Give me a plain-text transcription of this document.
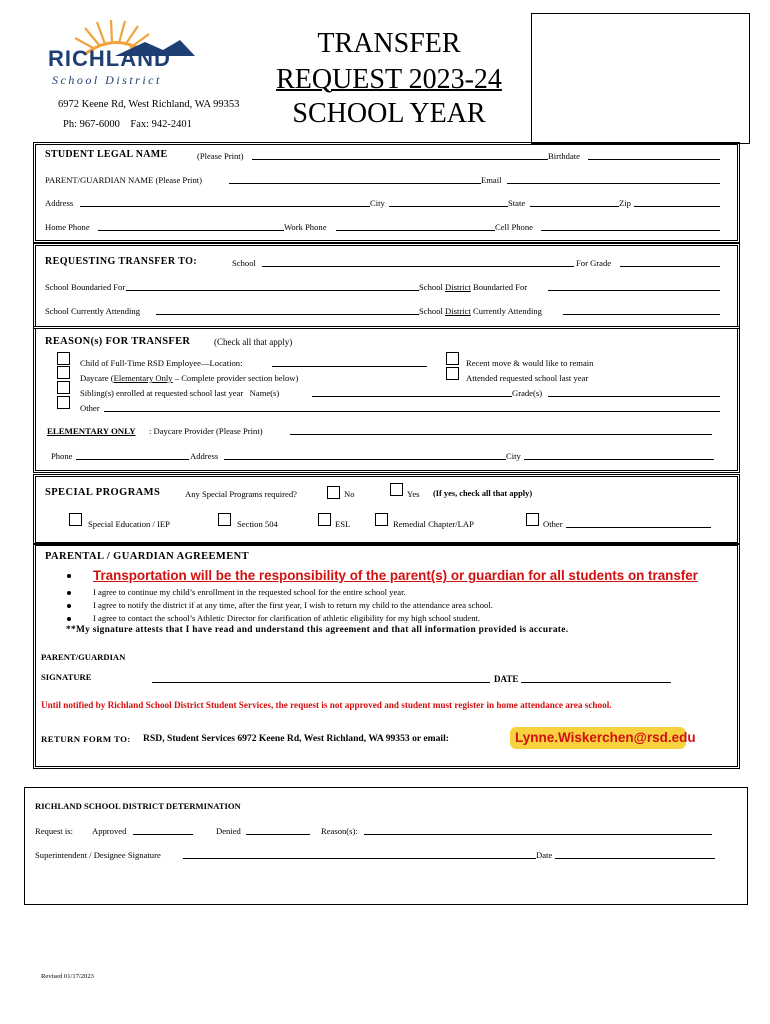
RICHLAND
School District
6972 Keene Rd, West Richland, WA 99353
Ph: 967-6000    Fax: 942-2401
TRANSFER
REQUEST 2023-24
SCHOOL YEAR
STUDENT LEGAL NAME	(Please Print)	Birthdate
PARENT/GUARDIAN NAME (Please Print)	Email
Address	City	State	Zip
Home Phone	Work Phone	Cell Phone
REQUESTING TRANSFER TO:	School	For Grade
School Boundaried For	School District Boundaried For
School Currently Attending	School District Currently Attending
REASON(s) FOR TRANSFER	(Check all that apply)
Child of Full-Time RSD Employee—Location:
Daycare (Elementary Only – Complete provider section below)
Sibling(s) enrolled at requested school last year   Name(s)	Grade(s)
Other
Recent move & would like to remain
Attended requested school last year
ELEMENTARY ONLY : Daycare Provider (Please Print)
Phone	Address	City
SPECIAL PROGRAMS	Any Special Programs required?	No	Yes (If yes, check all that apply)
Special Education / IEP	Section 504	ESL	Remedial Chapter/LAP	Other
PARENTAL / GUARDIAN AGREEMENT
Transportation will be the responsibility of the parent(s) or guardian for all students on transfer
I agree to continue my child’s enrollment in the requested school for the entire school year.
I agree to notify the district if at any time, after the first year, I wish to return my child to the attendance area school.
I agree to contact the school’s Athletic Director for clarification of athletic eligibility for my high school student.
**My signature attests that I have read and understand this agreement and that all information provided is accurate.
PARENT/GUARDIAN
SIGNATURE	DATE
Until notified by Richland School District Student Services, the request is not approved and student must register in home attendance area school.
RETURN FORM TO: RSD, Student Services 6972 Keene Rd, West Richland, WA 99353 or email:	Lynne.Wiskerchen@rsd.edu
RICHLAND SCHOOL DISTRICT DETERMINATION
Request is: Approved	Denied	Reason(s):
Superintendent / Designee Signature	Date
Revised 01/17/2023
